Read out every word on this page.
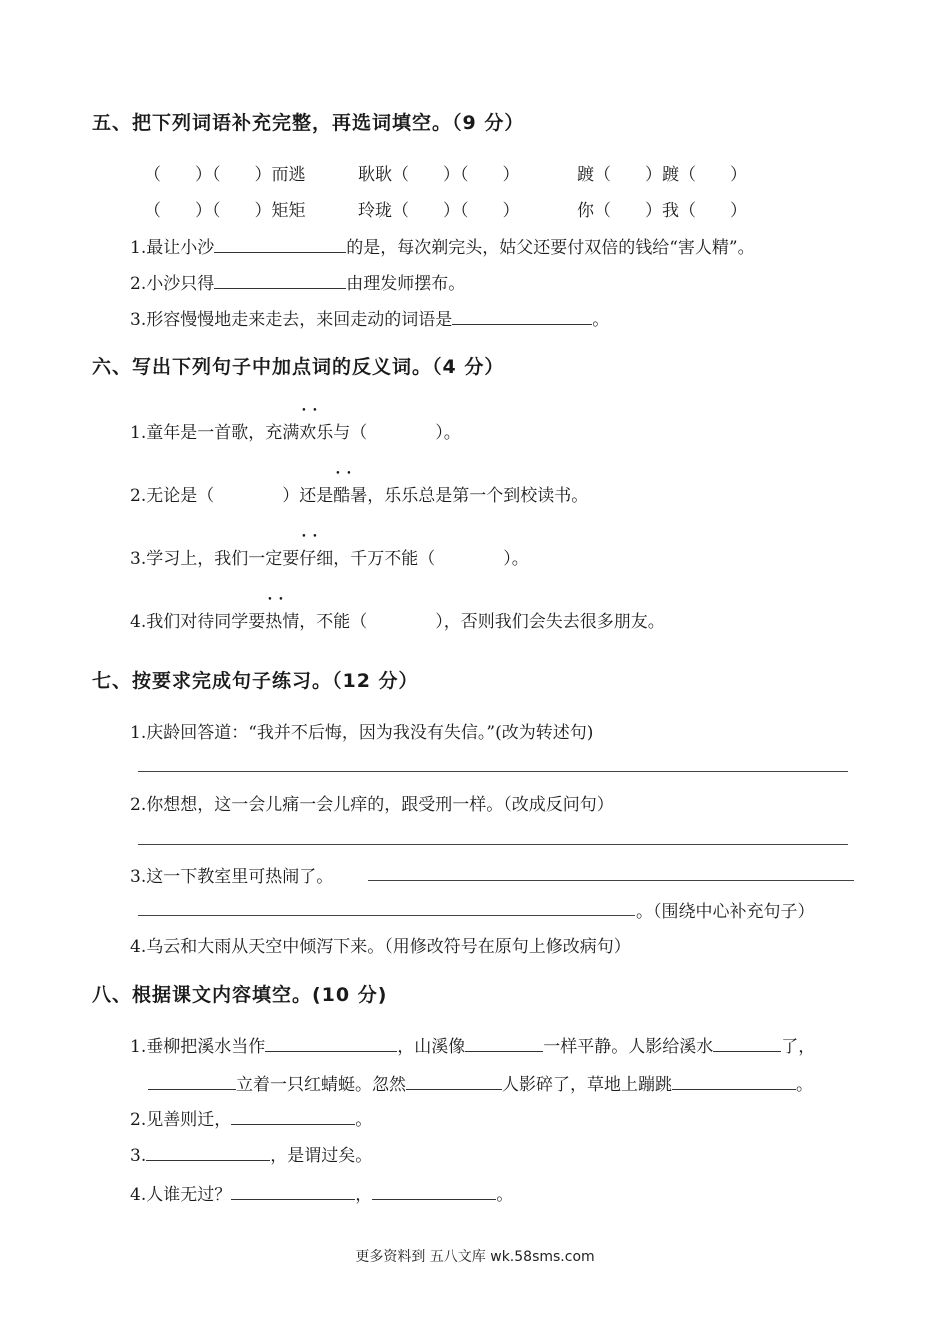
五、把下列词语补充完整，再选词填空。（9 分）
（　　）（　　）而逃	耿耿（　　）（　　）	踱（　　）踱（　　）
（　　）（　　）矩矩	玲珑（　　）（　　）	你（　　）我（　　）
1.最让小沙	的是，每次剃完头，姑父还要付双倍的钱给“害人精”。
2.小沙只得	由理发师摆布。
3.形容慢慢地走来走去，来回走动的词语是	。
六、写出下列句子中加点词的反义词。（4 分）
1.童年是一首歌，充满• • 欢乐与（　　　　）。
2.无论是（　　　　）还是• • 酷暑，乐乐总是第一个到校读书。
3.学习上，我们一定要• • 仔细，千万不能（　　　　）。
4.我们对待同学要• • 热情，不能（　　　　），否则我们会失去很多朋友。
七、按要求完成句子练习。（12 分）
1.庆龄回答道：“我并不后悔，因为我没有失信。”(改为转述句)
2.你想想，这一会儿痛一会儿痒的，跟受刑一样。（改成反问句）
3.这一下教室里可热闹了。
。（围绕中心补充句子）
4.乌云和大雨从天空中倾泻下来。（用修改符号在原句上修改病句）
八、根据课文内容填空。(10 分)
1.垂柳把溪水当作	，山溪像	一样平静。人影给溪水	了，
立着一只红蜻蜓。忽然	人影碎了，草地上蹦跳	。
2.见善则迁，	。
3.	，是谓过矣。
4.人谁无过？	，	。
更多资料到 五八文库 wk.58sms.com
